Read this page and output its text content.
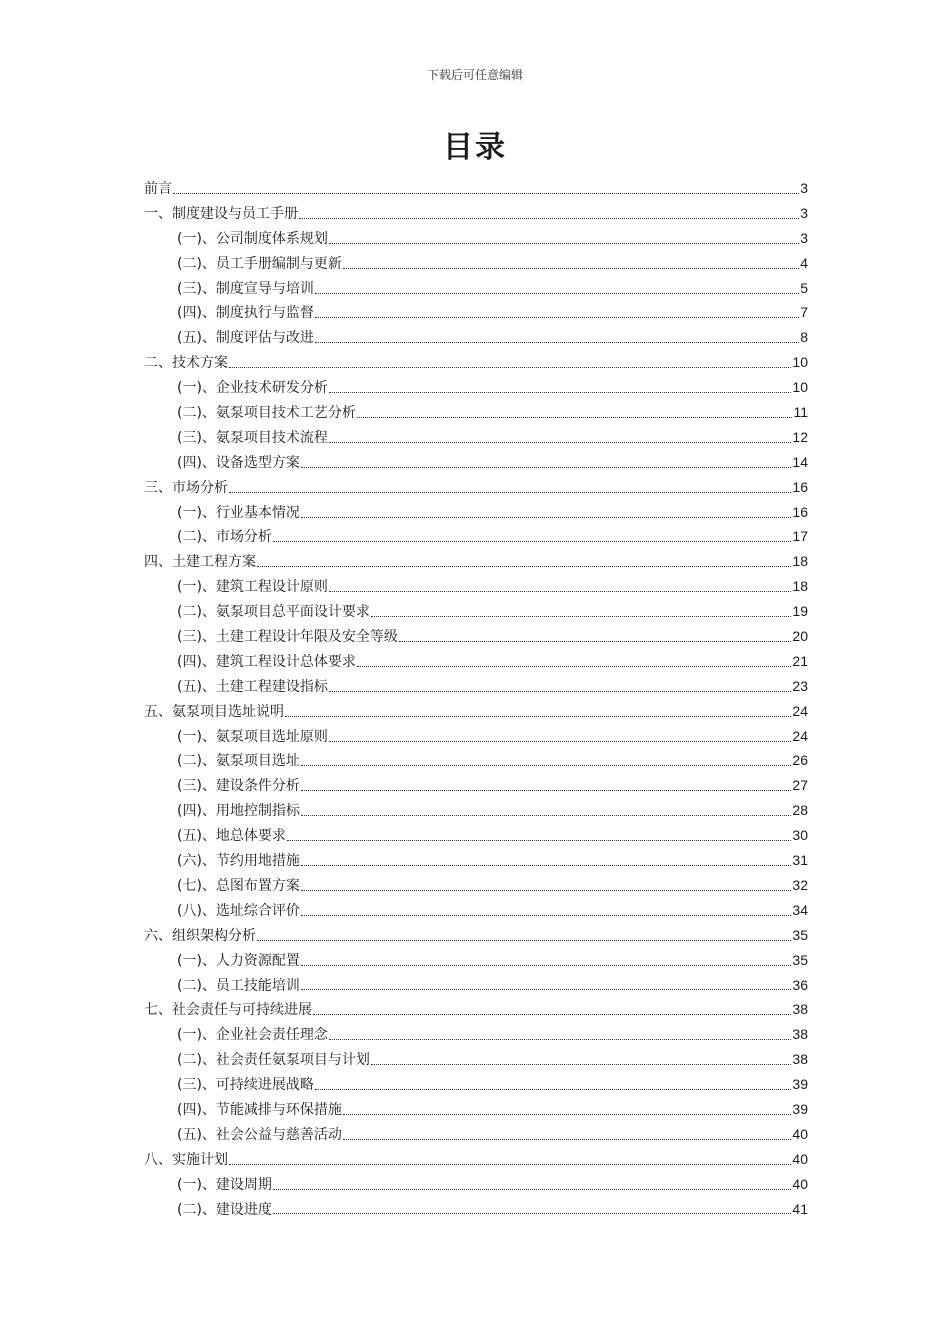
下载后可任意编辑
目录
前言	3
一、制度建设与员工手册	3
(一)、公司制度体系规划	3
(二)、员工手册编制与更新	4
(三)、制度宣导与培训	5
(四)、制度执行与监督	7
(五)、制度评估与改进	8
二、技术方案	10
(一)、企业技术研发分析	10
(二)、氨泵项目技术工艺分析	11
(三)、氨泵项目技术流程	12
(四)、设备选型方案	14
三、市场分析	16
(一)、行业基本情况	16
(二)、市场分析	17
四、土建工程方案	18
(一)、建筑工程设计原则	18
(二)、氨泵项目总平面设计要求	19
(三)、土建工程设计年限及安全等级	20
(四)、建筑工程设计总体要求	21
(五)、土建工程建设指标	23
五、氨泵项目选址说明	24
(一)、氨泵项目选址原则	24
(二)、氨泵项目选址	26
(三)、建设条件分析	27
(四)、用地控制指标	28
(五)、地总体要求	30
(六)、节约用地措施	31
(七)、总图布置方案	32
(八)、选址综合评价	34
六、组织架构分析	35
(一)、人力资源配置	35
(二)、员工技能培训	36
七、社会责任与可持续进展	38
(一)、企业社会责任理念	38
(二)、社会责任氨泵项目与计划	38
(三)、可持续进展战略	39
(四)、节能减排与环保措施	39
(五)、社会公益与慈善活动	40
八、实施计划	40
(一)、建设周期	40
(二)、建设进度	41
